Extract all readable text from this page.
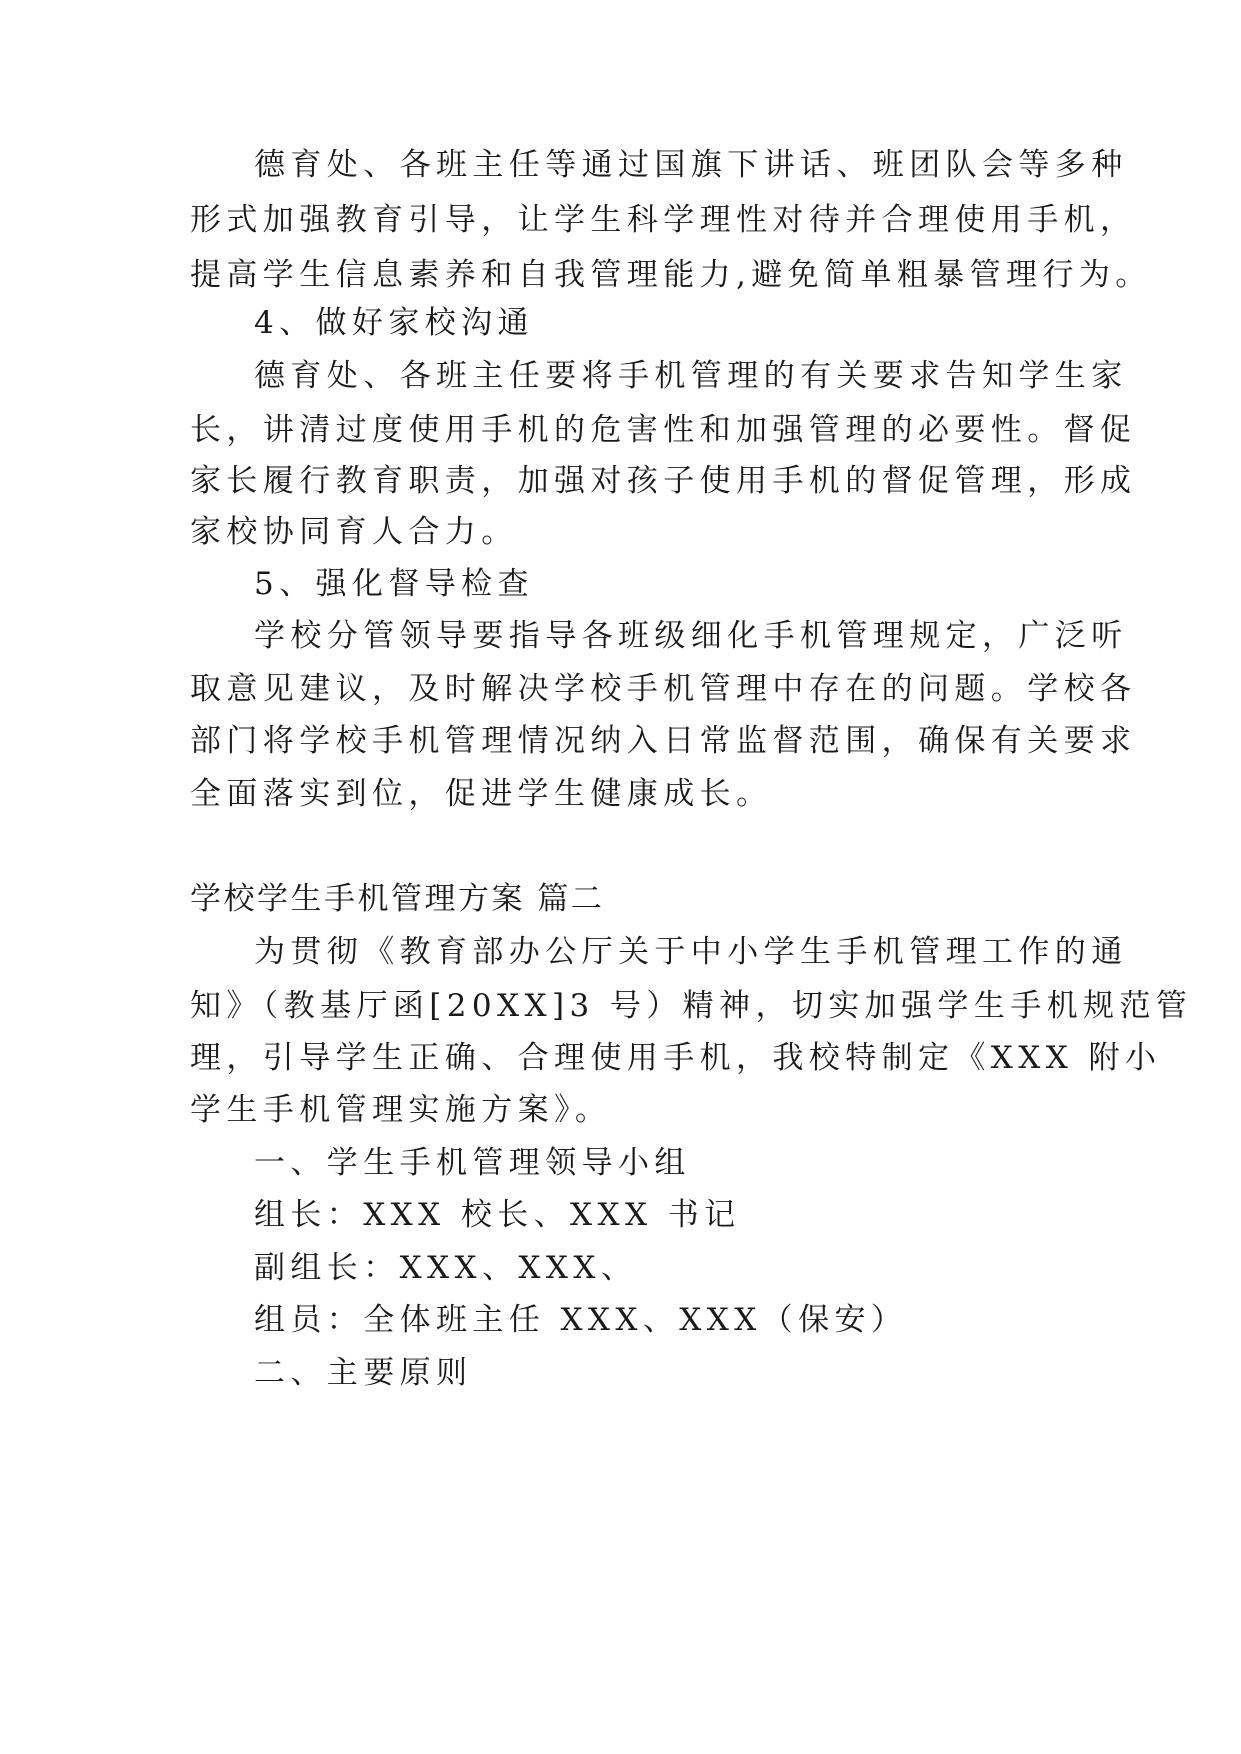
德育处、各班主任等通过国旗下讲话、班团队会等多种

形式加强教育引导，让学生科学理性对待并合理使用手机，

提高学生信息素养和自我管理能力,避免简单粗暴管理行为。

4、做好家校沟通

德育处、各班主任要将手机管理的有关要求告知学生家

长，讲清过度使用手机的危害性和加强管理的必要性。督促

家长履行教育职责，加强对孩子使用手机的督促管理，形成

家校协同育人合力。

5、强化督导检查

学校分管领导要指导各班级细化手机管理规定，广泛听

取意见建议，及时解决学校手机管理中存在的问题。学校各

部门将学校手机管理情况纳入日常监督范围，确保有关要求

全面落实到位，促进学生健康成长。

学校学生手机管理方案 篇二

为贯彻《教育部办公厅关于中小学生手机管理工作的通

知》（教基厅函[20XX]3 号）精神，切实加强学生手机规范管

理，引导学生正确、合理使用手机，我校特制定《XXX 附小

学生手机管理实施方案》。

一、学生手机管理领导小组

组长：XXX 校长、XXX 书记

副组长：XXX、XXX、

组员：全体班主任 XXX、XXX（保安）

二、主要原则
